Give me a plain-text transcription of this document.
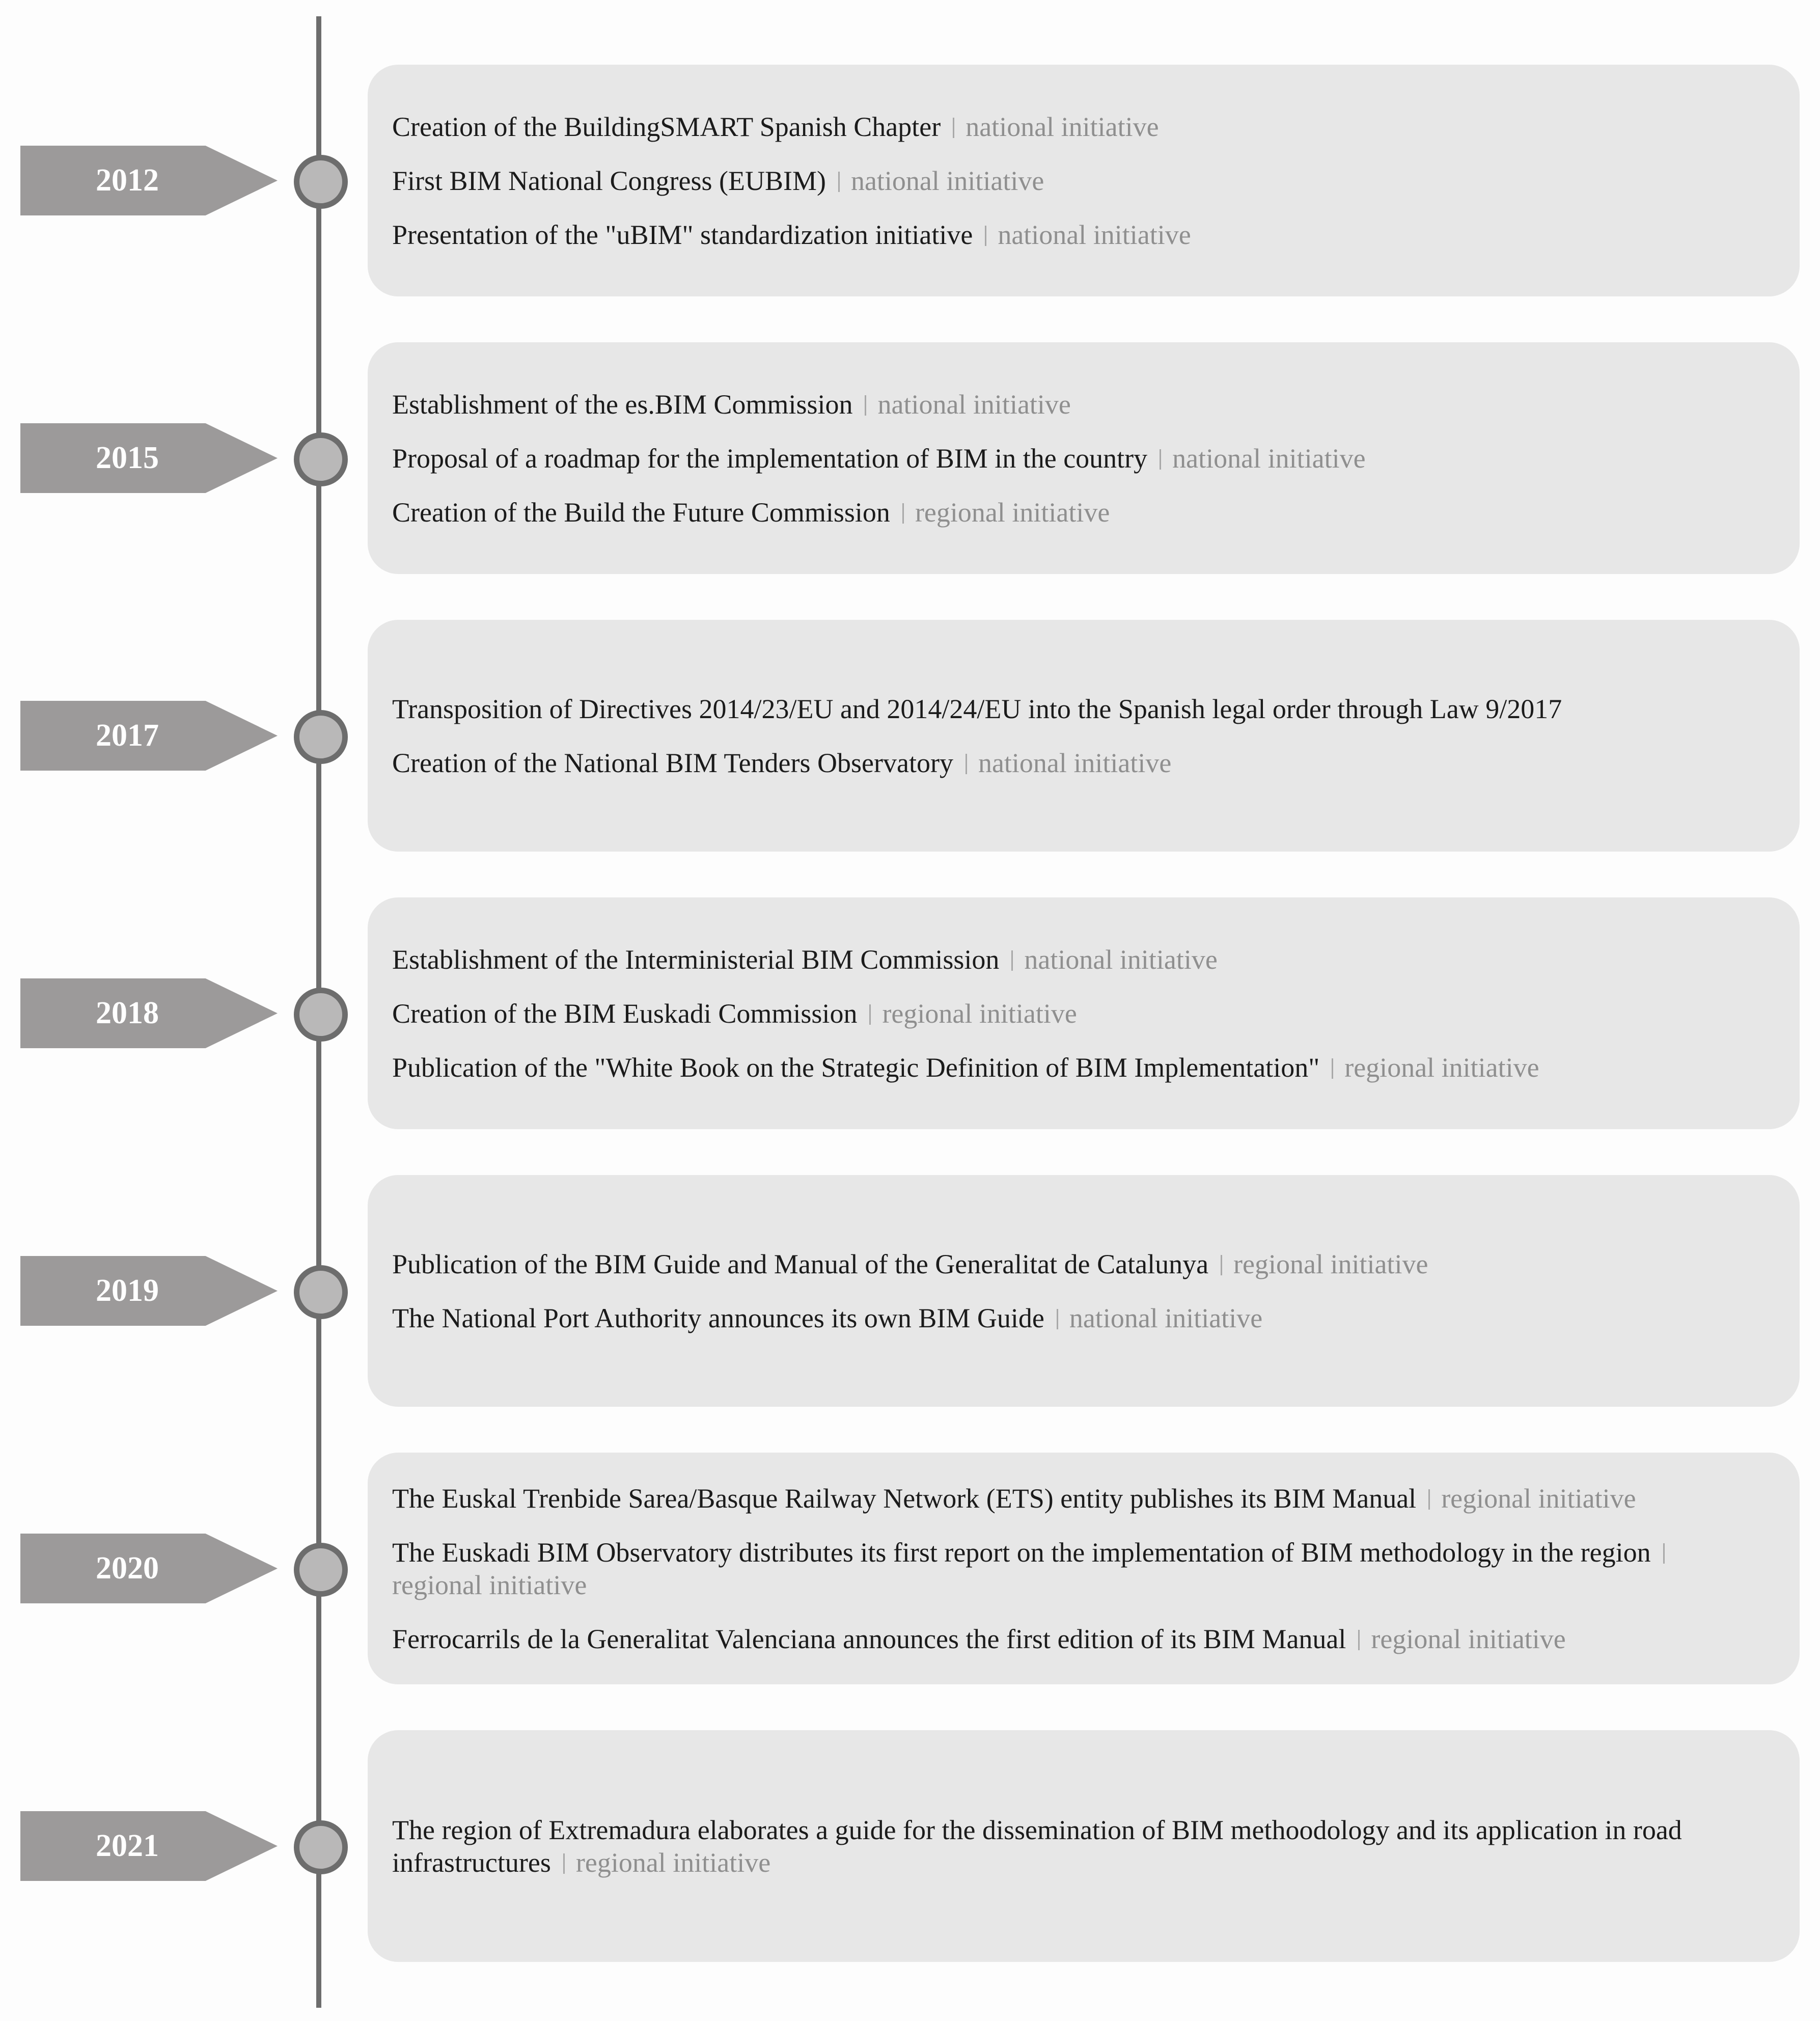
2012
Creation of the BuildingSMART Spanish Chapter national initiative
First BIM National Congress (EUBIM) national initiative
Presentation of the "uBIM" standardization initiative national initiative
2015
Establishment of the es.BIM Commission national initiative
Proposal of a roadmap for the implementation of BIM in the country national initiative
Creation of the Build the Future Commission regional initiative
2017
Transposition of Directives 2014/23/EU and 2014/24/EU into the Spanish legal order through Law 9/2017
Creation of the National BIM Tenders Observatory national initiative
2018
Establishment of the Interministerial BIM Commission national initiative
Creation of the BIM Euskadi Commission regional initiative
Publication of the "White Book on the Strategic Definition of BIM Implementation" regional initiative
2019
Publication of the BIM Guide and Manual of the Generalitat de Catalunya regional initiative
The National Port Authority announces its own BIM Guide national initiative
2020
The Euskal Trenbide Sarea/Basque Railway Network (ETS) entity publishes its BIM Manual regional initiative
The Euskadi BIM Observatory distributes its first report on the implementation of BIM methodology in the regionregional initiative
Ferrocarrils de la Generalitat Valenciana announces the first edition of its BIM Manual regional initiative
2021	The region of Extremadura elaborates a guide for the dissemination of BIM methoodology and its application in road infrastructures regional initiative
